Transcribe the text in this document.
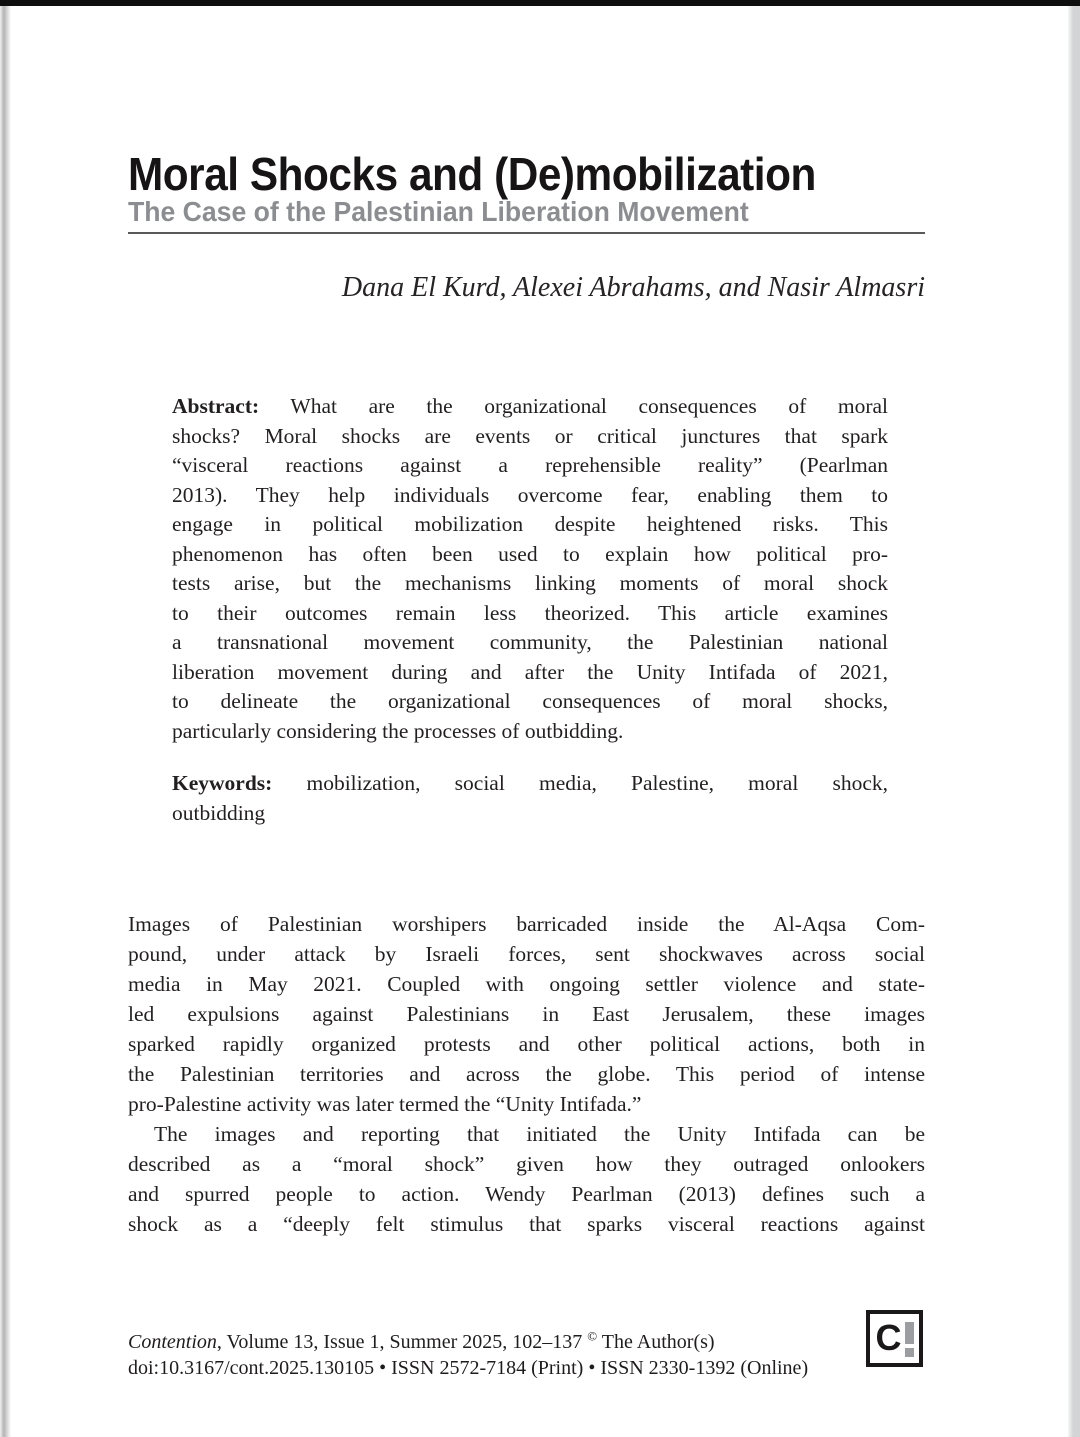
Moral Shocks and (De)mobilization
The Case of the Palestinian Liberation Movement
Dana El Kurd, Alexei Abrahams, and Nasir Almasri
Abstract: What are the organizational consequences of moral
shocks? Moral shocks are events or critical junctures that spark
“visceral reactions against a reprehensible reality” (Pearlman
2013). They help individuals overcome fear, enabling them to
engage in political mobilization despite heightened risks. This
phenomenon has often been used to explain how political pro-
tests arise, but the mechanisms linking moments of moral shock
to their outcomes remain less theorized. This article examines
a transnational movement community, the Palestinian national
liberation movement during and after the Unity Intifada of 2021,
to delineate the organizational consequences of moral shocks,
particularly considering the processes of outbidding.
Keywords: mobilization, social media, Palestine, moral shock,
outbidding
Images of Palestinian worshipers barricaded inside the Al-Aqsa Com-
pound, under attack by Israeli forces, sent shockwaves across social
media in May 2021. Coupled with ongoing settler violence and state-
led expulsions against Palestinians in East Jerusalem, these images
sparked rapidly organized protests and other political actions, both in
the Palestinian territories and across the globe. This period of intense
pro-Palestine activity was later termed the “Unity Intifada.”
The images and reporting that initiated the Unity Intifada can be
described as a “moral shock” given how they outraged onlookers
and spurred people to action. Wendy Pearlman (2013) defines such a
shock as a “deeply felt stimulus that sparks visceral reactions against
Contention, Volume 13, Issue 1, Summer 2025, 102–137 © The Author(s)
doi:10.3167/cont.2025.130105 • ISSN 2572-7184 (Print) • ISSN 2330-1392 (Online)
C
